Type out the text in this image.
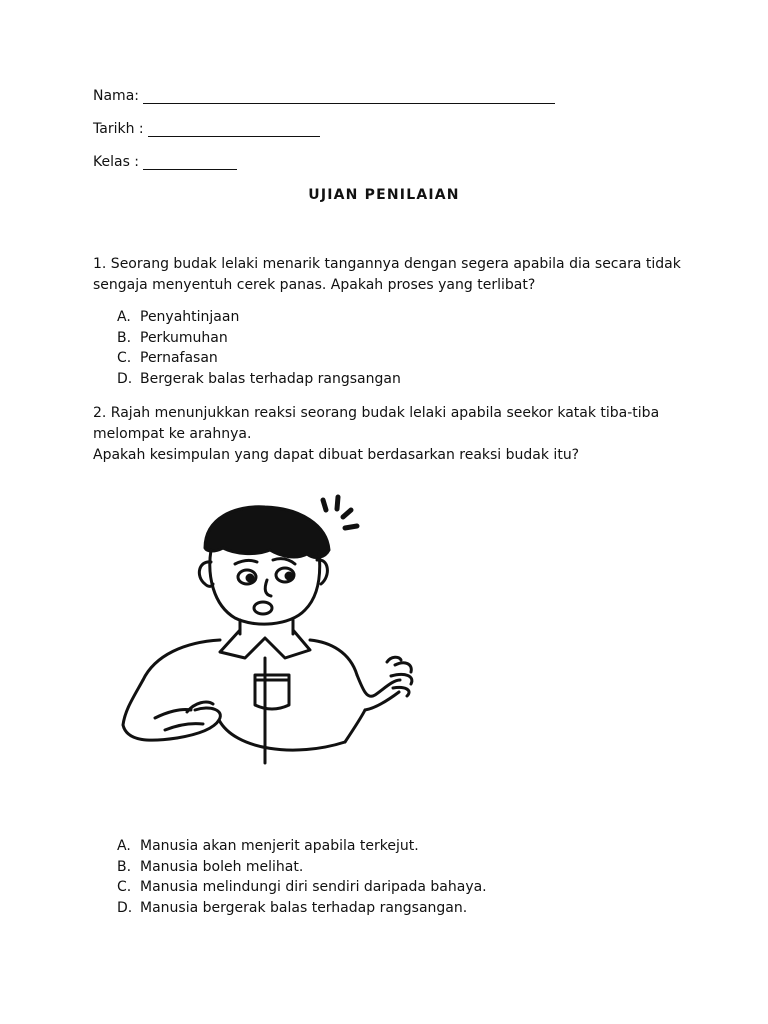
Nama:
Tarikh :
Kelas :
UJIAN PENILAIAN

1. Seorang budak lelaki menarik tangannya dengan segera apabila dia secara tidak sengaja menyentuh cerek panas. Apakah proses yang terlibat?

A. Penyahtinjaan
B. Perkumuhan
C. Pernafasan
D. Bergerak balas terhadap rangsangan

2. Rajah menunjukkan reaksi seorang budak lelaki apabila seekor katak tiba-tiba melompat ke arahnya.

Apakah kesimpulan yang dapat dibuat berdasarkan reaksi budak itu?

A. Manusia akan menjerit apabila terkejut.
B. Manusia boleh melihat.
C. Manusia melindungi diri sendiri daripada bahaya.
D. Manusia bergerak balas terhadap rangsangan.
